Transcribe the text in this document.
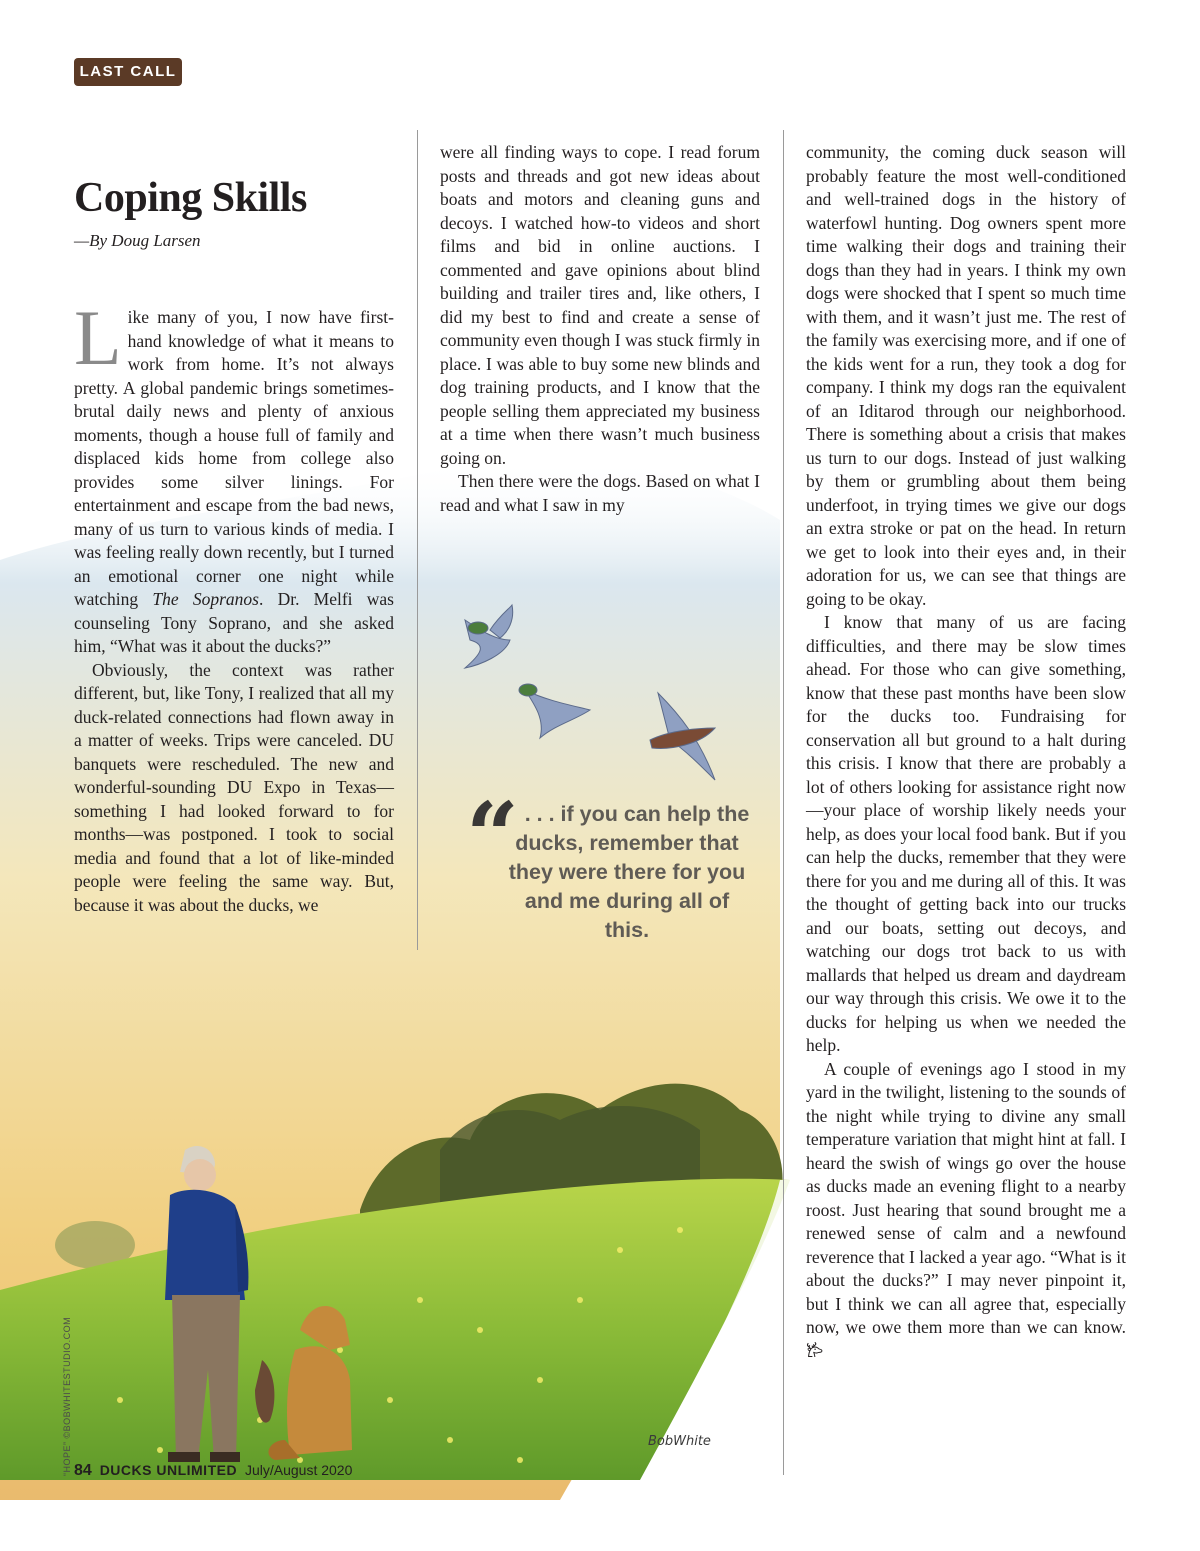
LAST CALL
Coping Skills
—By Doug Larsen

Like many of you, I now have first-hand knowledge of what it means to work from home. It’s not always pretty. A global pandemic brings sometimes-brutal daily news and plenty of anxious moments, though a house full of family and displaced kids home from college also provides some silver linings. For entertainment and escape from the bad news, many of us turn to various kinds of media. I was feeling really down recently, but I turned an emotional corner one night while watching The Sopranos. Dr. Melfi was counseling Tony Soprano, and she asked him, “What was it about the ducks?”

Obviously, the context was rather different, but, like Tony, I realized that all my duck-related connections had flown away in a matter of weeks. Trips were canceled. DU banquets were rescheduled. The new and wonderful-sounding DU Expo in Texas—something I had looked forward to for months—was postponed. I took to social media and found that a lot of like-minded people were feeling the same way. But, because it was about the ducks, we

were all finding ways to cope. I read forum posts and threads and got new ideas about boats and motors and cleaning guns and decoys. I watched how-to videos and short films and bid in online auctions. I commented and gave opinions about blind building and trailer tires and, like others, I did my best to find and create a sense of community even though I was stuck firmly in place. I was able to buy some new blinds and dog training products, and I know that the people selling them appreciated my business at a time when there wasn’t much business going on.

Then there were the dogs. Based on what I read and what I saw in my

community, the coming duck season will probably feature the most well-conditioned and well-trained dogs in the history of waterfowl hunting. Dog owners spent more time walking their dogs and training their dogs than they had in years. I think my own dogs were shocked that I spent so much time with them, and it wasn’t just me. The rest of the family was exercising more, and if one of the kids went for a run, they took a dog for company. I think my dogs ran the equivalent of an Iditarod through our neighborhood. There is something about a crisis that makes us turn to our dogs. Instead of just walking by them or grumbling about them being underfoot, in trying times we give our dogs an extra stroke or pat on the head. In return we get to look into their eyes and, in their adoration for us, we can see that things are going to be okay.

I know that many of us are facing difficulties, and there may be slow times ahead. For those who can give something, know that these past months have been slow for the ducks too. Fundraising for conservation all but ground to a halt during this crisis. I know that there are probably a lot of others looking for assistance right now—your place of worship likely needs your help, as does your local food bank. But if you can help the ducks, remember that they were there for you and me during all of this. It was the thought of getting back into our trucks and our boats, setting out decoys, and watching our dogs trot back to us with mallards that helped us dream and daydream our way through this crisis. We owe it to the ducks for helping us when we needed the help.

A couple of evenings ago I stood in my yard in the twilight, listening to the sounds of the night while trying to divine any small temperature variation that might hint at fall. I heard the swish of wings go over the house as ducks made an evening flight to a nearby roost. Just hearing that sound brought me a renewed sense of calm and a newfound reverence that I lacked a year ago. “What is it about the ducks?” I may never pinpoint it, but I think we can all agree that, especially now, we owe them more than we can know. 𐂂

“ . . . if you can help the ducks, remember that they were there for you and me during all of this.
“HOPE” ©BOBWHITESTUDIO.COM	BobWhite
84 DUCKS UNLIMITED July/August 2020
